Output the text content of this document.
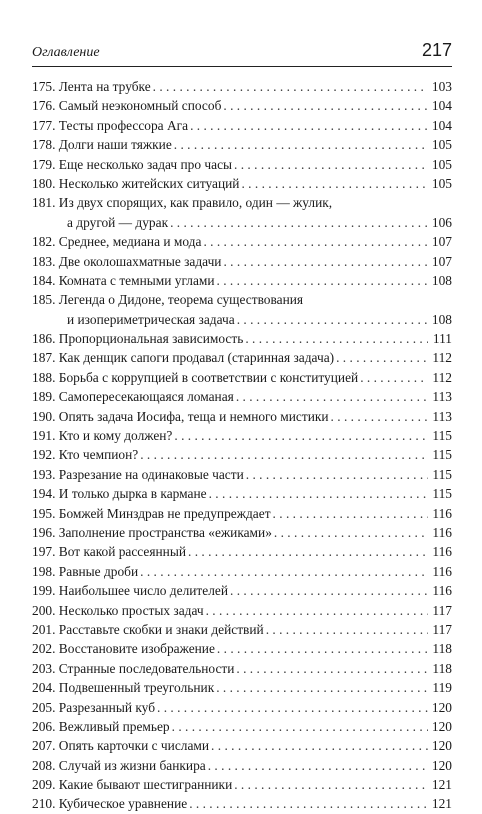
Оглавление	217
175. Лента на трубке . . .	103
176. Самый неэкономный способ . . .	104
177. Тесты профессора Ага . . .	104
178. Долги наши тяжкие . . .	105
179. Еще несколько задач про часы . . .	105
180. Несколько житейских ситуаций . . .	105
181. Из двух спорящих, как правило, один — жулик,
а другой — дурак . . .	106
182. Среднее, медиана и мода . . .	107
183. Две околошахматные задачи . . .	107
184. Комната с темными углами . . .	108
185. Легенда о Дидоне, теорема существования
и изопериметрическая задача . . .	108
186. Пропорциональная зависимость . . .	111
187. Как денщик сапоги продавал (старинная задача) . . .	112
188. Борьба с коррупцией в соответствии с конституцией . . .	112
189. Самопересекающаяся ломаная . . .	113
190. Опять задача Иосифа, теща и немного мистики . . .	113
191. Кто и кому должен? . . .	115
192. Кто чемпион? . . .	115
193. Разрезание на одинаковые части . . .	115
194. И только дырка в кармане . . .	115
195. Бомжей Минздрав не предупреждает . . .	116
196. Заполнение пространства «ежиками» . . .	116
197. Вот какой рассеянный . . .	116
198. Равные дроби . . .	116
199. Наибольшее число делителей . . .	116
200. Несколько простых задач . . .	117
201. Расставьте скобки и знаки действий . . .	117
202. Восстановите изображение . . .	118
203. Странные последовательности . . .	118
204. Подвешенный треугольник . . .	119
205. Разрезанный куб . . .	120
206. Вежливый премьер . . .	120
207. Опять карточки с числами . . .	120
208. Случай из жизни банкира . . .	120
209. Какие бывают шестигранники . . .	121
210. Кубическое уравнение . . .	121
